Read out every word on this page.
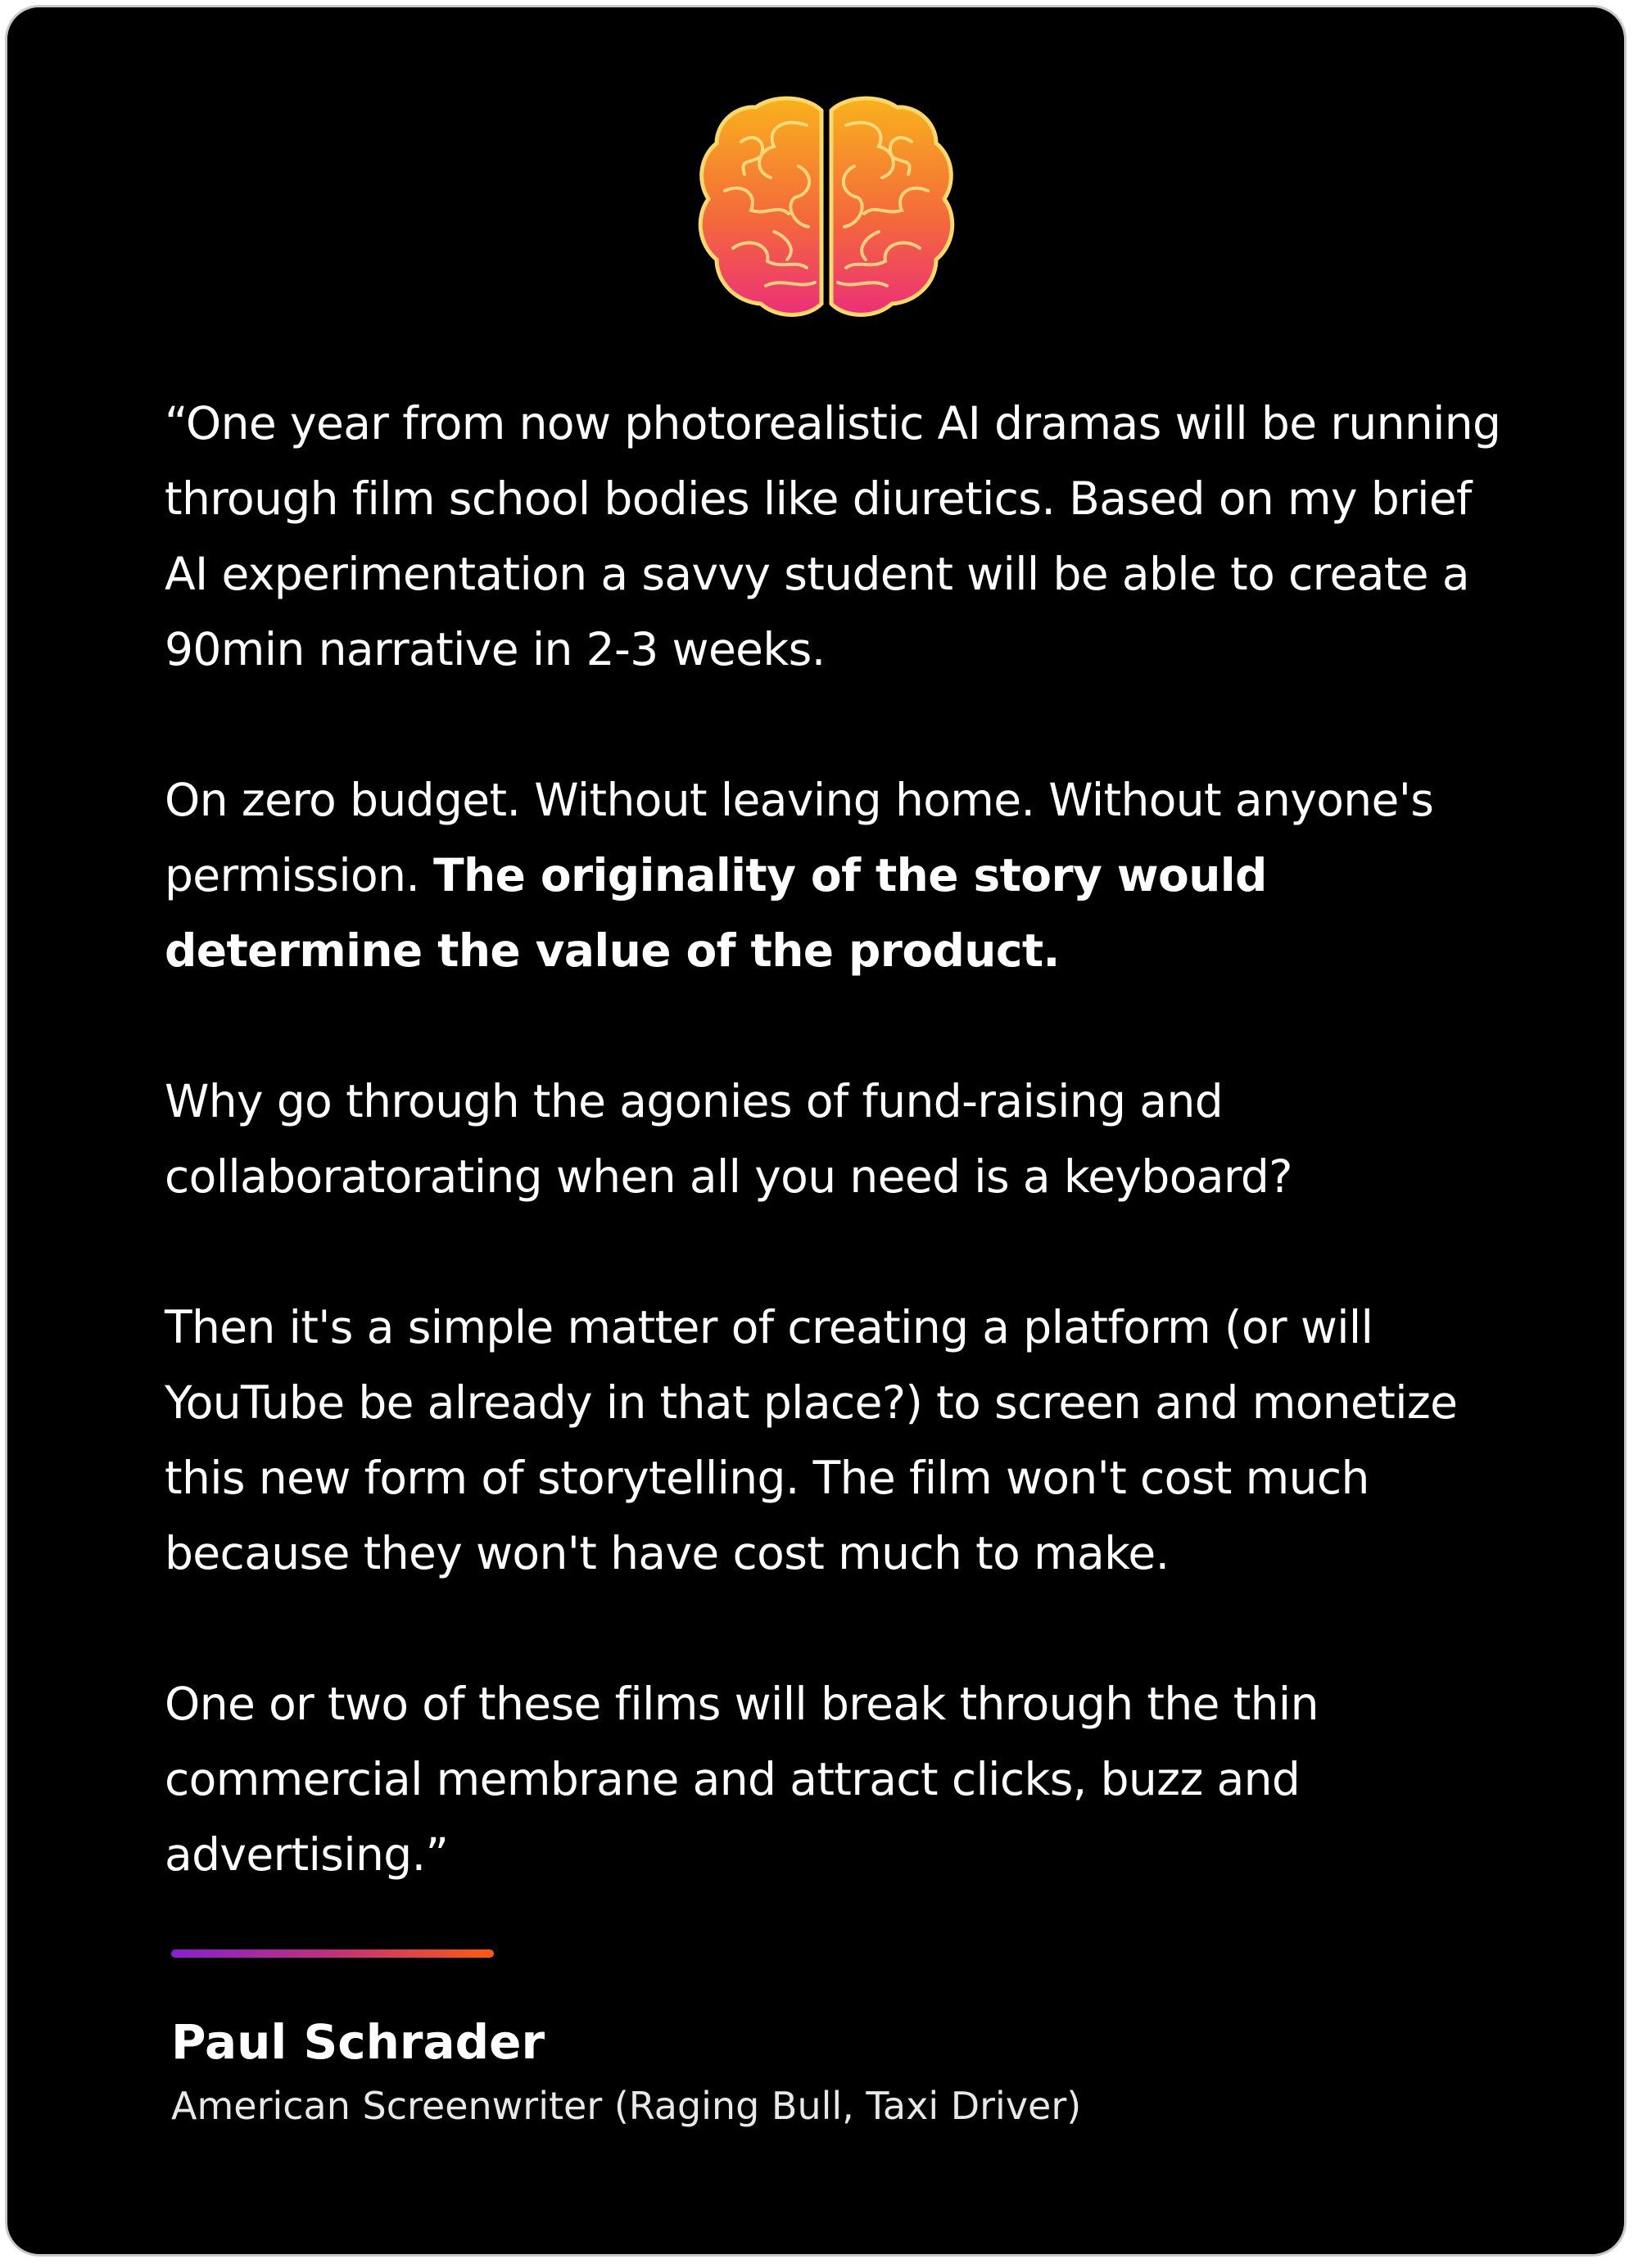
“One year from now photorealistic AI dramas will be running through film school bodies like diuretics. Based on my brief AI experimentation a savvy student will be able to create a 90min narrative in 2-3 weeks.

On zero budget. Without leaving home. Without anyone's permission. The originality of the story would determine the value of the product.

Why go through the agonies of fund-raising and collaboratorating when all you need is a keyboard?

Then it's a simple matter of creating a platform (or will YouTube be already in that place?) to screen and monetize this new form of storytelling. The film won't cost much because they won't have cost much to make.

One or two of these films will break through the thin commercial membrane and attract clicks, buzz and advertising.”

Paul Schrader
American Screenwriter (Raging Bull, Taxi Driver)
